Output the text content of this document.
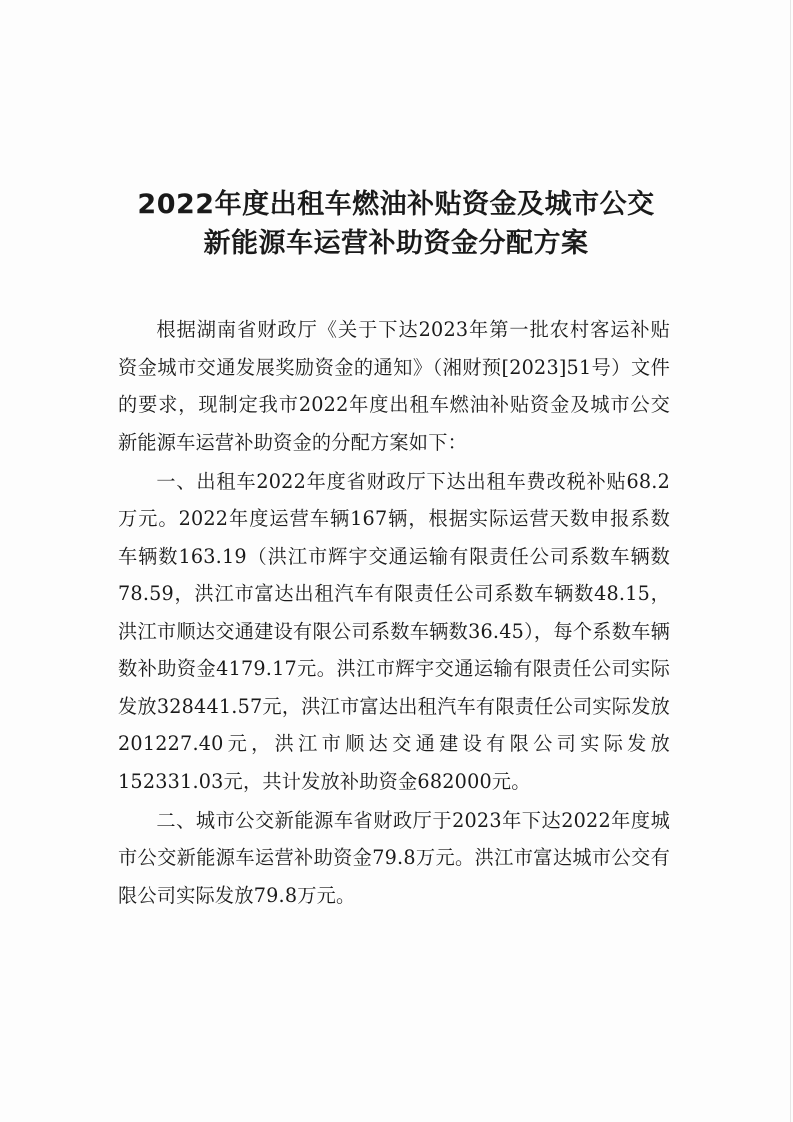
2022年度出租车燃油补贴资金及城市公交
新能源车运营补助资金分配方案

根据湖南省财政厅《关于下达2023年第一批农村客运补贴资金城市交通发展奖励资金的通知》（湘财预[2023]51号）文件的要求，现制定我市2022年度出租车燃油补贴资金及城市公交新能源车运营补助资金的分配方案如下：

一、出租车2022年度省财政厅下达出租车费改税补贴68.2万元。2022年度运营车辆167辆，根据实际运营天数申报系数车辆数163.19（洪江市辉宇交通运输有限责任公司系数车辆数78.59，洪江市富达出租汽车有限责任公司系数车辆数48.15，洪江市顺达交通建设有限公司系数车辆数36.45），每个系数车辆数补助资金4179.17元。洪江市辉宇交通运输有限责任公司实际发放328441.57元，洪江市富达出租汽车有限责任公司实际发放201227.40元，洪江市顺达交通建设有限公司实际发放152331.03元，共计发放补助资金682000元。

二、城市公交新能源车省财政厅于2023年下达2022年度城市公交新能源车运营补助资金79.8万元。洪江市富达城市公交有限公司实际发放79.8万元。
